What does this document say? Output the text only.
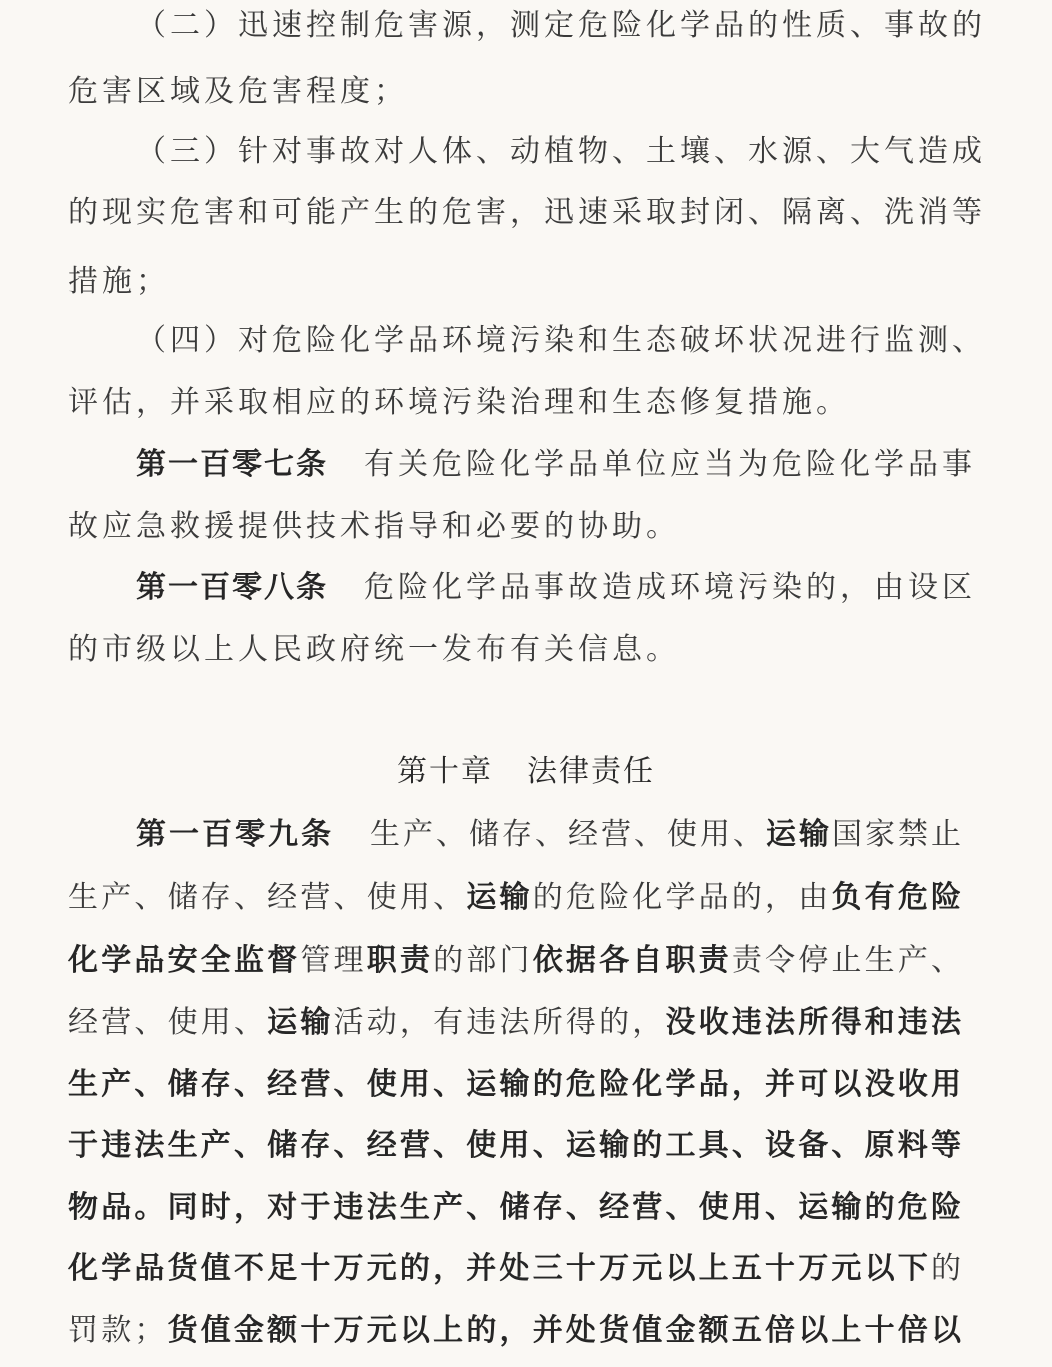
（二）迅速控制危害源，测定危险化学品的性质、事故的
危害区域及危害程度；
（三）针对事故对人体、动植物、土壤、水源、大气造成
的现实危害和可能产生的危害，迅速采取封闭、隔离、洗消等
措施；
（四）对危险化学品环境污染和生态破坏状况进行监测、
评估，并采取相应的环境污染治理和生态修复措施。
第一百零七条 有关危险化学品单位应当为危险化学品事
故应急救援提供技术指导和必要的协助。
第一百零八条 危险化学品事故造成环境污染的，由设区
的市级以上人民政府统一发布有关信息。
第十章 法律责任
第一百零九条 生产、储存、经营、使用、运输国家禁止
生产、储存、经营、使用、运输的危险化学品的，由负有危险
化学品安全监督管理职责的部门依据各自职责责令停止生产、
经营、使用、运输活动，有违法所得的，没收违法所得和违法
生产、储存、经营、使用、运输的危险化学品，并可以没收用
于违法生产、储存、经营、使用、运输的工具、设备、原料等
物品。同时，对于违法生产、储存、经营、使用、运输的危险
化学品货值不足十万元的，并处三十万元以上五十万元以下的
罚款；货值金额十万元以上的，并处货值金额五倍以上十倍以
